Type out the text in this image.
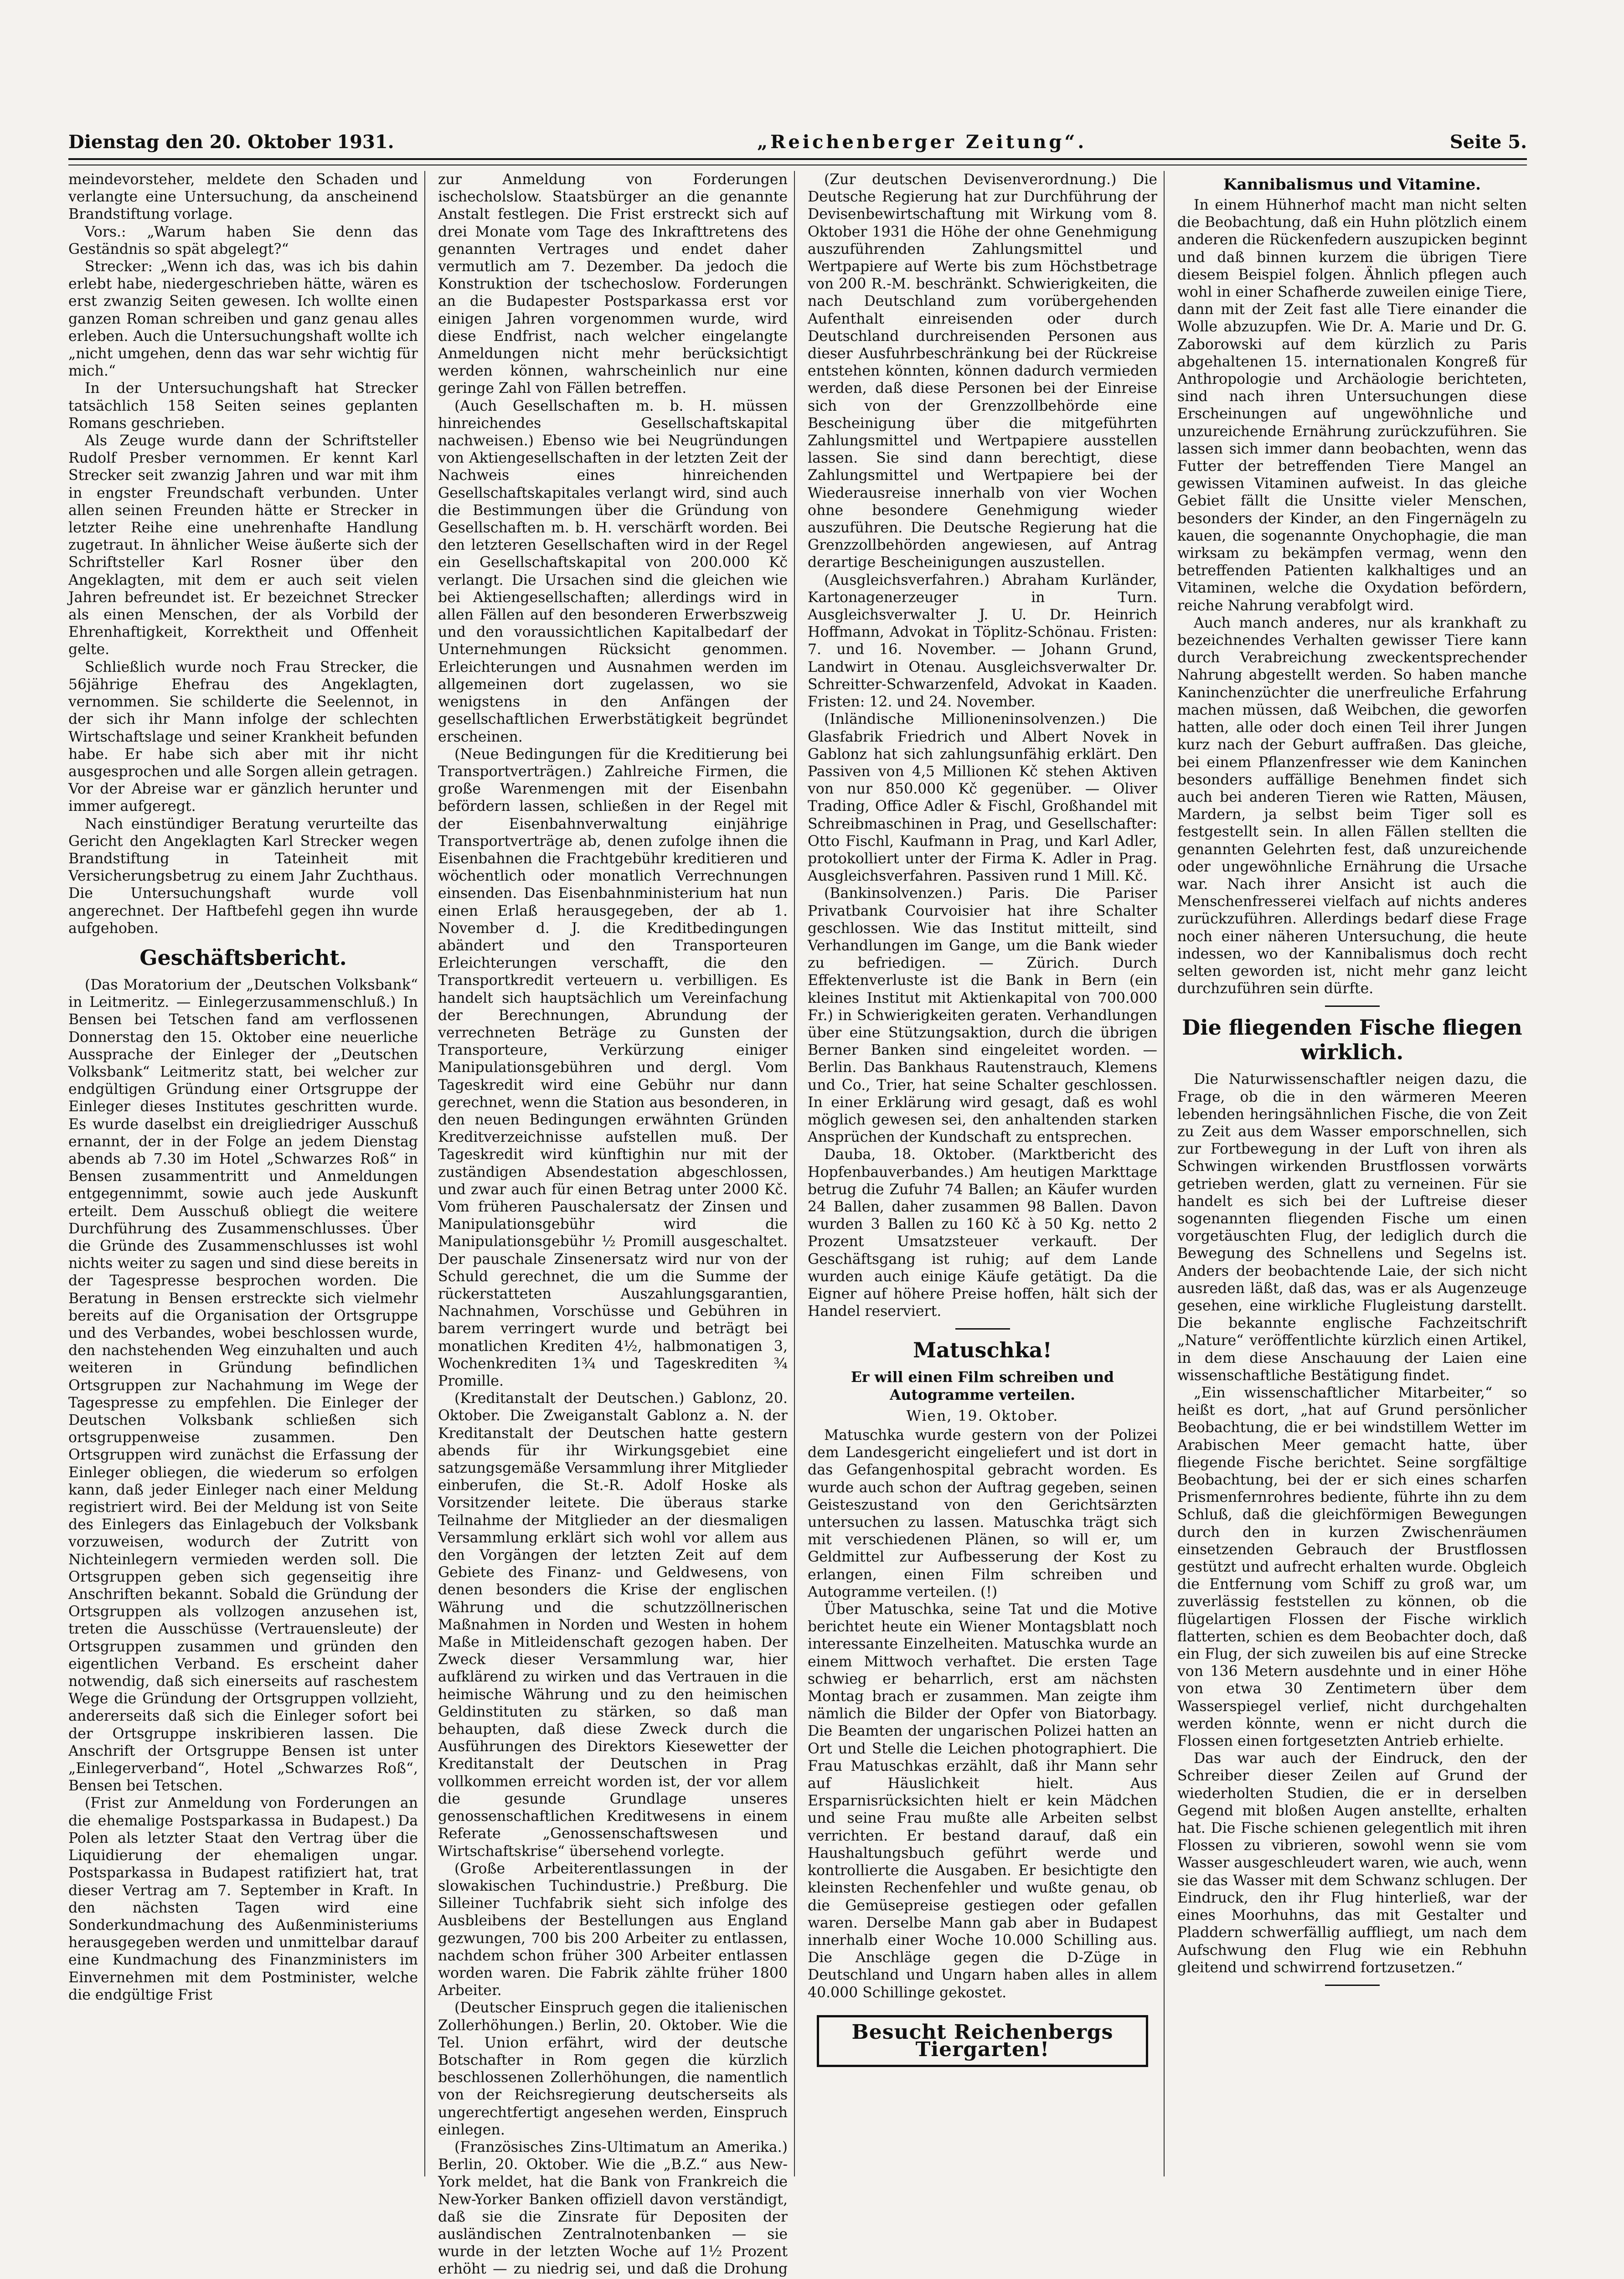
Dienstag den 20. Oktober 1931.	„Reichenberger Zeitung“.	Seite 5.

meindevorsteher, meldete den Schaden und verlangte eine Untersuchung, da anscheinend Brandstiftung vorlage.

Vors.: „Warum haben Sie denn das Geständnis so spät abgelegt?“

Strecker: „Wenn ich das, was ich bis dahin erlebt habe, niedergeschrieben hätte, wären es erst zwanzig Seiten gewesen. Ich wollte einen ganzen Roman schreiben und ganz genau alles erleben. Auch die Untersuchungshaft wollte ich „nicht umgehen, denn das war sehr wichtig für mich.“

In der Untersuchungshaft hat Strecker tatsächlich 158 Seiten seines geplanten Romans geschrieben.

Als Zeuge wurde dann der Schriftsteller Rudolf Presber vernommen. Er kennt Karl Strecker seit zwanzig Jahren und war mit ihm in engster Freundschaft verbunden. Unter allen seinen Freunden hätte er Strecker in letzter Reihe eine unehrenhafte Handlung zugetraut. In ähnlicher Weise äußerte sich der Schriftsteller Karl Rosner über den Angeklagten, mit dem er auch seit vielen Jahren befreundet ist. Er bezeichnet Strecker als einen Menschen, der als Vorbild der Ehrenhaftigkeit, Korrektheit und Offenheit gelte.

Schließlich wurde noch Frau Strecker, die 56jährige Ehefrau des Angeklagten, vernommen. Sie schilderte die Seelennot, in der sich ihr Mann infolge der schlechten Wirtschaftslage und seiner Krankheit befunden habe. Er habe sich aber mit ihr nicht ausgesprochen und alle Sorgen allein getragen. Vor der Abreise war er gänzlich herunter und immer aufgeregt.

Nach einstündiger Beratung verurteilte das Gericht den Angeklagten Karl Strecker wegen Brandstiftung in Tateinheit mit Versicherungsbetrug zu einem Jahr Zuchthaus. Die Untersuchungshaft wurde voll angerechnet. Der Haftbefehl gegen ihn wurde aufgehoben.

Geschäftsbericht.

(Das Moratorium der „Deutschen Volksbank“ in Leitmeritz. — Einlegerzusammenschluß.) In Bensen bei Tetschen fand am verflossenen Donnerstag den 15. Oktober eine neuerliche Aussprache der Einleger der „Deutschen Volksbank“ Leitmeritz statt, bei welcher zur endgültigen Gründung einer Ortsgruppe der Einleger dieses Institutes geschritten wurde. Es wurde daselbst ein dreigliedriger Ausschuß ernannt, der in der Folge an jedem Dienstag abends ab 7.30 im Hotel „Schwarzes Roß“ in Bensen zusammentritt und Anmeldungen entgegennimmt, sowie auch jede Auskunft erteilt. Dem Ausschuß obliegt die weitere Durchführung des Zusammenschlusses. Über die Gründe des Zusammenschlusses ist wohl nichts weiter zu sagen und sind diese bereits in der Tagespresse besprochen worden. Die Beratung in Bensen erstreckte sich vielmehr bereits auf die Organisation der Ortsgruppe und des Verbandes, wobei beschlossen wurde, den nachstehenden Weg einzuhalten und auch weiteren in Gründung befindlichen Ortsgruppen zur Nachahmung im Wege der Tagespresse zu empfehlen. Die Einleger der Deutschen Volksbank schließen sich ortsgruppenweise zusammen. Den Ortsgruppen wird zunächst die Erfassung der Einleger obliegen, die wiederum so erfolgen kann, daß jeder Einleger nach einer Meldung registriert wird. Bei der Meldung ist von Seite des Einlegers das Einlagebuch der Volksbank vorzuweisen, wodurch der Zutritt von Nichteinlegern vermieden werden soll. Die Ortsgruppen geben sich gegenseitig ihre Anschriften bekannt. Sobald die Gründung der Ortsgruppen als vollzogen anzusehen ist, treten die Ausschüsse (Vertrauensleute) der Ortsgruppen zusammen und gründen den eigentlichen Verband. Es erscheint daher notwendig, daß sich einerseits auf raschestem Wege die Gründung der Ortsgruppen vollzieht, andererseits daß sich die Einleger sofort bei der Ortsgruppe inskribieren lassen. Die Anschrift der Ortsgruppe Bensen ist unter „Einlegerverband“, Hotel „Schwarzes Roß“, Bensen bei Tetschen.

(Frist zur Anmeldung von Forderungen an die ehemalige Postsparkassa in Budapest.) Da Polen als letzter Staat den Vertrag über die Liquidierung der ehemaligen ungar. Postsparkassa in Budapest ratifiziert hat, trat dieser Vertrag am 7. September in Kraft. In den nächsten Tagen wird eine Sonderkundmachung des Außenministeriums herausgegeben werden und unmittelbar darauf eine Kundmachung des Finanzministers im Einvernehmen mit dem Postminister, welche die endgültige Frist

zur Anmeldung von Forderungen ischecholslow. Staatsbürger an die genannte Anstalt festlegen. Die Frist erstreckt sich auf drei Monate vom Tage des Inkrafttretens des genannten Vertrages und endet daher vermutlich am 7. Dezember. Da jedoch die Konstruktion der tschechoslow. Forderungen an die Budapester Postsparkassa erst vor einigen Jahren vorgenommen wurde, wird diese Endfrist, nach welcher eingelangte Anmeldungen nicht mehr berücksichtigt werden können, wahrscheinlich nur eine geringe Zahl von Fällen betreffen.

(Auch Gesellschaften m. b. H. müssen hinreichendes Gesellschaftskapital nachweisen.) Ebenso wie bei Neugründungen von Aktiengesellschaften in der letzten Zeit der Nachweis eines hinreichenden Gesellschaftskapitales verlangt wird, sind auch die Bestimmungen über die Gründung von Gesellschaften m. b. H. verschärft worden. Bei den letzteren Gesellschaften wird in der Regel ein Gesellschaftskapital von 200.000 Kč verlangt. Die Ursachen sind die gleichen wie bei Aktiengesellschaften; allerdings wird in allen Fällen auf den besonderen Erwerbszweig und den voraussichtlichen Kapitalbedarf der Unternehmungen Rücksicht genommen. Erleichterungen und Ausnahmen werden im allgemeinen dort zugelassen, wo sie wenigstens in den Anfängen der gesellschaftlichen Erwerbstätigkeit begründet erscheinen.

(Neue Bedingungen für die Kreditierung bei Transportverträgen.) Zahlreiche Firmen, die große Warenmengen mit der Eisenbahn befördern lassen, schließen in der Regel mit der Eisenbahnverwaltung einjährige Transportverträge ab, denen zufolge ihnen die Eisenbahnen die Frachtgebühr kreditieren und wöchentlich oder monatlich Verrechnungen einsenden. Das Eisenbahnministerium hat nun einen Erlaß herausgegeben, der ab 1. November d. J. die Kreditbedingungen abändert und den Transporteuren Erleichterungen verschafft, die den Transportkredit verteuern u. verbilligen. Es handelt sich hauptsächlich um Vereinfachung der Berechnungen, Abrundung der verrechneten Beträge zu Gunsten der Transporteure, Verkürzung einiger Manipulationsgebühren und dergl. Vom Tageskredit wird eine Gebühr nur dann gerechnet, wenn die Station aus besonderen, in den neuen Bedingungen erwähnten Gründen Kreditverzeichnisse aufstellen muß. Der Tageskredit wird künftighin nur mit der zuständigen Absendestation abgeschlossen, und zwar auch für einen Betrag unter 2000 Kč. Vom früheren Pauschalersatz der Zinsen und Manipulationsgebühr wird die Manipulationsgebühr ½ Promill ausgeschaltet. Der pauschale Zinsenersatz wird nur von der Schuld gerechnet, die um die Summe der rückerstatteten Auszahlungsgarantien, Nachnahmen, Vorschüsse und Gebühren in barem verringert wurde und beträgt bei monatlichen Krediten 4½, halbmonatigen 3, Wochenkrediten 1¾ und Tageskrediten ¾ Promille.

(Kreditanstalt der Deutschen.) Gablonz, 20. Oktober. Die Zweiganstalt Gablonz a. N. der Kreditanstalt der Deutschen hatte gestern abends für ihr Wirkungsgebiet eine satzungsgemäße Versammlung ihrer Mitglieder einberufen, die St.-R. Adolf Hoske als Vorsitzender leitete. Die überaus starke Teilnahme der Mitglieder an der diesmaligen Versammlung erklärt sich wohl vor allem aus den Vorgängen der letzten Zeit auf dem Gebiete des Finanz- und Geldwesens, von denen besonders die Krise der englischen Währung und die schutzzöllnerischen Maßnahmen in Norden und Westen in hohem Maße in Mitleidenschaft gezogen haben. Der Zweck dieser Versammlung war, hier aufklärend zu wirken und das Vertrauen in die heimische Währung und zu den heimischen Geldinstituten zu stärken, so daß man behaupten, daß diese Zweck durch die Ausführungen des Direktors Kiesewetter der Kreditanstalt der Deutschen in Prag vollkommen erreicht worden ist, der vor allem die gesunde Grundlage unseres genossenschaftlichen Kreditwesens in einem Referate „Genossenschaftswesen und Wirtschaftskrise“ übersehend vorlegte.

(Große Arbeiterentlassungen in der slowakischen Tuchindustrie.) Preßburg. Die Silleiner Tuchfabrik sieht sich infolge des Ausbleibens der Bestellungen aus England gezwungen, 700 bis 200 Arbeiter zu entlassen, nachdem schon früher 300 Arbeiter entlassen worden waren. Die Fabrik zählte früher 1800 Arbeiter.

(Deutscher Einspruch gegen die italienischen Zollerhöhungen.) Berlin, 20. Oktober. Wie die Tel. Union erfährt, wird der deutsche Botschafter in Rom gegen die kürzlich beschlossenen Zollerhöhungen, die namentlich von der Reichsregierung deutscherseits als ungerechtfertigt angesehen werden, Einspruch einlegen.

(Französisches Zins-Ultimatum an Amerika.) Berlin, 20. Oktober. Wie die „B.Z.“ aus New-York meldet, hat die Bank von Frankreich die New-Yorker Banken offiziell davon verständigt, daß sie die Zinsrate für Depositen der ausländischen Zentralnotenbanken — sie wurde in der letzten Woche auf 1½ Prozent erhöht — zu niedrig sei, und daß die Drohung

(Zur deutschen Devisenverordnung.) Die Deutsche Regierung hat zur Durchführung der Devisenbewirtschaftung mit Wirkung vom 8. Oktober 1931 die Höhe der ohne Genehmigung auszuführenden Zahlungsmittel und Wertpapiere auf Werte bis zum Höchstbetrage von 200 R.-M. beschränkt. Schwierigkeiten, die nach Deutschland zum vorübergehenden Aufenthalt einreisenden oder durch Deutschland durchreisenden Personen aus dieser Ausfuhrbeschränkung bei der Rückreise entstehen könnten, können dadurch vermieden werden, daß diese Personen bei der Einreise sich von der Grenzzollbehörde eine Bescheinigung über die mitgeführten Zahlungsmittel und Wertpapiere ausstellen lassen. Sie sind dann berechtigt, diese Zahlungsmittel und Wertpapiere bei der Wiederausreise innerhalb von vier Wochen ohne besondere Genehmigung wieder auszuführen. Die Deutsche Regierung hat die Grenzzollbehörden angewiesen, auf Antrag derartige Bescheinigungen auszustellen.

(Ausgleichsverfahren.) Abraham Kurländer, Kartonagenerzeuger in Turn. Ausgleichsverwalter J. U. Dr. Heinrich Hoffmann, Advokat in Töplitz-Schönau. Fristen: 7. und 16. November. — Johann Grund, Landwirt in Otenau. Ausgleichsverwalter Dr. Schreitter-Schwarzenfeld, Advokat in Kaaden. Fristen: 12. und 24. November.

(Inländische Millioneninsolvenzen.) Die Glasfabrik Friedrich und Albert Novek in Gablonz hat sich zahlungsunfähig erklärt. Den Passiven von 4,5 Millionen Kč stehen Aktiven von nur 850.000 Kč gegenüber. — Oliver Trading, Office Adler & Fischl, Großhandel mit Schreibmaschinen in Prag, und Gesellschafter: Otto Fischl, Kaufmann in Prag, und Karl Adler, protokolliert unter der Firma K. Adler in Prag. Ausgleichsverfahren. Passiven rund 1 Mill. Kč.

(Bankinsolvenzen.) Paris. Die Pariser Privatbank Courvoisier hat ihre Schalter geschlossen. Wie das Institut mitteilt, sind Verhandlungen im Gange, um die Bank wieder zu befriedigen. — Zürich. Durch Effektenverluste ist die Bank in Bern (ein kleines Institut mit Aktienkapital von 700.000 Fr.) in Schwierigkeiten geraten. Verhandlungen über eine Stützungsaktion, durch die übrigen Berner Banken sind eingeleitet worden. — Berlin. Das Bankhaus Rautenstrauch, Klemens und Co., Trier, hat seine Schalter geschlossen. In einer Erklärung wird gesagt, daß es wohl möglich gewesen sei, den anhaltenden starken Ansprüchen der Kundschaft zu entsprechen.

Dauba, 18. Oktober. (Marktbericht des Hopfenbauverbandes.) Am heutigen Markttage betrug die Zufuhr 74 Ballen; an Käufer wurden 24 Ballen, daher zusammen 98 Ballen. Davon wurden 3 Ballen zu 160 Kč à 50 Kg. netto 2 Prozent Umsatzsteuer verkauft. Der Geschäftsgang ist ruhig; auf dem Lande wurden auch einige Käufe getätigt. Da die Eigner auf höhere Preise hoffen, hält sich der Handel reserviert.

Matuschka!

Er will einen Film schreiben und Autogramme verteilen.

Wien, 19. Oktober.

Matuschka wurde gestern von der Polizei dem Landesgericht eingeliefert und ist dort in das Gefangenhospital gebracht worden. Es wurde auch schon der Auftrag gegeben, seinen Geisteszustand von den Gerichtsärzten untersuchen zu lassen. Matuschka trägt sich mit verschiedenen Plänen, so will er, um Geldmittel zur Aufbesserung der Kost zu erlangen, einen Film schreiben und Autogramme verteilen. (!)

Über Matuschka, seine Tat und die Motive berichtet heute ein Wiener Montagsblatt noch interessante Einzelheiten. Matuschka wurde an einem Mittwoch verhaftet. Die ersten Tage schwieg er beharrlich, erst am nächsten Montag brach er zusammen. Man zeigte ihm nämlich die Bilder der Opfer von Biatorbagy. Die Beamten der ungarischen Polizei hatten an Ort und Stelle die Leichen photographiert. Die Frau Matuschkas erzählt, daß ihr Mann sehr auf Häuslichkeit hielt. Aus Ersparnisrücksichten hielt er kein Mädchen und seine Frau mußte alle Arbeiten selbst verrichten. Er bestand darauf, daß ein Haushaltungsbuch geführt werde und kontrollierte die Ausgaben. Er besichtigte den kleinsten Rechenfehler und wußte genau, ob die Gemüsepreise gestiegen oder gefallen waren. Derselbe Mann gab aber in Budapest innerhalb einer Woche 10.000 Schilling aus. Die Anschläge gegen die D-Züge in Deutschland und Ungarn haben alles in allem 40.000 Schillinge gekostet.

Besucht Reichenbergs Tiergarten!
Kannibalismus und Vitamine.

In einem Hühnerhof macht man nicht selten die Beobachtung, daß ein Huhn plötzlich einem anderen die Rückenfedern auszupicken beginnt und daß binnen kurzem die übrigen Tiere diesem Beispiel folgen. Ähnlich pflegen auch wohl in einer Schafherde zuweilen einige Tiere, dann mit der Zeit fast alle Tiere einander die Wolle abzuzupfen. Wie Dr. A. Marie und Dr. G. Zaborowski auf dem kürzlich zu Paris abgehaltenen 15. internationalen Kongreß für Anthropologie und Archäologie berichteten, sind nach ihren Untersuchungen diese Erscheinungen auf ungewöhnliche und unzureichende Ernährung zurückzuführen. Sie lassen sich immer dann beobachten, wenn das Futter der betreffenden Tiere Mangel an gewissen Vitaminen aufweist. In das gleiche Gebiet fällt die Unsitte vieler Menschen, besonders der Kinder, an den Fingernägeln zu kauen, die sogenannte Onychophagie, die man wirksam zu bekämpfen vermag, wenn den betreffenden Patienten kalkhaltiges und an Vitaminen, welche die Oxydation befördern, reiche Nahrung verabfolgt wird.

Auch manch anderes, nur als krankhaft zu bezeichnendes Verhalten gewisser Tiere kann durch Verabreichung zweckentsprechender Nahrung abgestellt werden. So haben manche Kaninchenzüchter die unerfreuliche Erfahrung machen müssen, daß Weibchen, die geworfen hatten, alle oder doch einen Teil ihrer Jungen kurz nach der Geburt auffraßen. Das gleiche, bei einem Pflanzenfresser wie dem Kaninchen besonders auffällige Benehmen findet sich auch bei anderen Tieren wie Ratten, Mäusen, Mardern, ja selbst beim Tiger soll es festgestellt sein. In allen Fällen stellten die genannten Gelehrten fest, daß unzureichende oder ungewöhnliche Ernährung die Ursache war. Nach ihrer Ansicht ist auch die Menschenfresserei vielfach auf nichts anderes zurückzuführen. Allerdings bedarf diese Frage noch einer näheren Untersuchung, die heute indessen, wo der Kannibalismus doch recht selten geworden ist, nicht mehr ganz leicht durchzuführen sein dürfte.

Die fliegenden Fische fliegen wirklich.

Die Naturwissenschaftler neigen dazu, die Frage, ob die in den wärmeren Meeren lebenden heringsähnlichen Fische, die von Zeit zu Zeit aus dem Wasser emporschnellen, sich zur Fortbewegung in der Luft von ihren als Schwingen wirkenden Brustflossen vorwärts getrieben werden, glatt zu verneinen. Für sie handelt es sich bei der Luftreise dieser sogenannten fliegenden Fische um einen vorgetäuschten Flug, der lediglich durch die Bewegung des Schnellens und Segelns ist. Anders der beobachtende Laie, der sich nicht ausreden läßt, daß das, was er als Augenzeuge gesehen, eine wirkliche Flugleistung darstellt. Die bekannte englische Fachzeitschrift „Nature“ veröffentlichte kürzlich einen Artikel, in dem diese Anschauung der Laien eine wissenschaftliche Bestätigung findet.

„Ein wissenschaftlicher Mitarbeiter,“ so heißt es dort, „hat auf Grund persönlicher Beobachtung, die er bei windstillem Wetter im Arabischen Meer gemacht hatte, über fliegende Fische berichtet. Seine sorgfältige Beobachtung, bei der er sich eines scharfen Prismenfernrohres bediente, führte ihn zu dem Schluß, daß die gleichförmigen Bewegungen durch den in kurzen Zwischenräumen einsetzenden Gebrauch der Brustflossen gestützt und aufrecht erhalten wurde. Obgleich die Entfernung vom Schiff zu groß war, um zuverlässig feststellen zu können, ob die flügelartigen Flossen der Fische wirklich flatterten, schien es dem Beobachter doch, daß ein Flug, der sich zuweilen bis auf eine Strecke von 136 Metern ausdehnte und in einer Höhe von etwa 30 Zentimetern über dem Wasserspiegel verlief, nicht durchgehalten werden könnte, wenn er nicht durch die Flossen einen fortgesetzten Antrieb erhielte.

Das war auch der Eindruck, den der Schreiber dieser Zeilen auf Grund der wiederholten Studien, die er in derselben Gegend mit bloßen Augen anstellte, erhalten hat. Die Fische schienen gelegentlich mit ihren Flossen zu vibrieren, sowohl wenn sie vom Wasser ausgeschleudert waren, wie auch, wenn sie das Wasser mit dem Schwanz schlugen. Der Eindruck, den ihr Flug hinterließ, war der eines Moorhuhns, das mit Gestalter und Pladdern schwerfällig auffliegt, um nach dem Aufschwung den Flug wie ein Rebhuhn gleitend und schwirrend fortzusetzen.“
